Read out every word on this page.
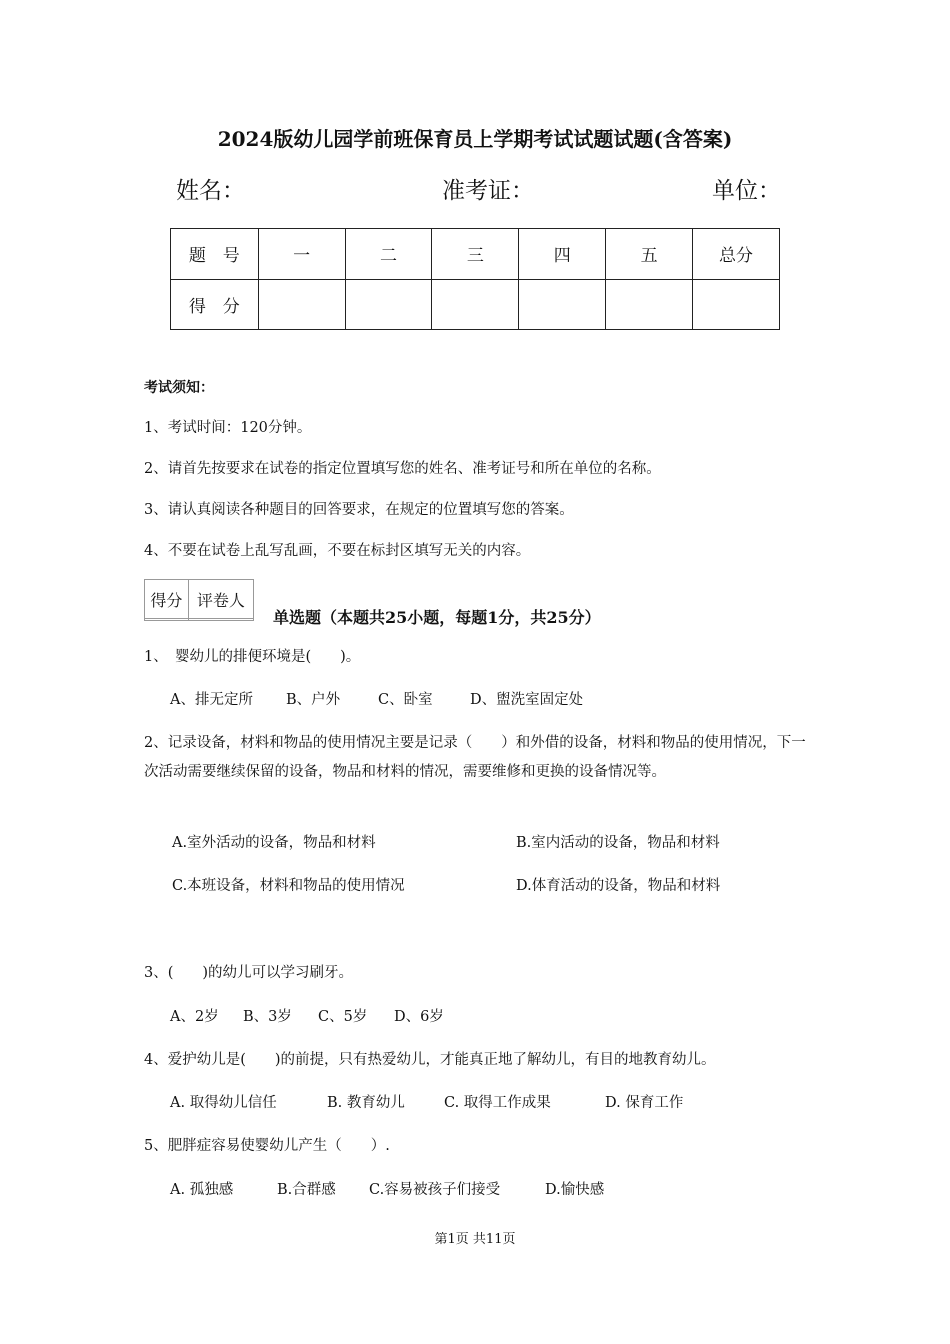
2024版幼儿园学前班保育员上学期考试试题试题(含答案)
姓名：	准考证：	单位：
题　号	一	二	三	四	五	总分
得　分						
考试须知：
1、考试时间：120分钟。
2、请首先按要求在试卷的指定位置填写您的姓名、准考证号和所在单位的名称。
3、请认真阅读各种题目的回答要求，在规定的位置填写您的答案。
4、不要在试卷上乱写乱画，不要在标封区填写无关的内容。
得分	评卷人

单选题（本题共25小题，每题1分，共25分）
1、　婴幼儿的排便环境是(　　)。
A、排无定所 B、户外	C、卧室	D、盥洗室固定处
2、记录设备，材料和物品的使用情况主要是记录（　　）和外借的设备，材料和物品的使用情况，下一次活动需要继续保留的设备，物品和材料的情况，需要维修和更换的设备情况等。
A.室外活动的设备，物品和材料	B.室内活动的设备，物品和材料
C.本班设备，材料和物品的使用情况	D.体育活动的设备，物品和材料
3、(　　)的幼儿可以学习刷牙。
A、2岁 B、3岁 C、5岁 D、6岁
4、爱护幼儿是(　　)的前提，只有热爱幼儿，才能真正地了解幼儿，有目的地教育幼儿。
A. 取得幼儿信任	B. 教育幼儿	C. 取得工作成果	D. 保育工作
5、肥胖症容易使婴幼儿产生（　　）.
A. 孤独感	B.合群感 C.容易被孩子们接受	D.愉快感
第1页 共11页
